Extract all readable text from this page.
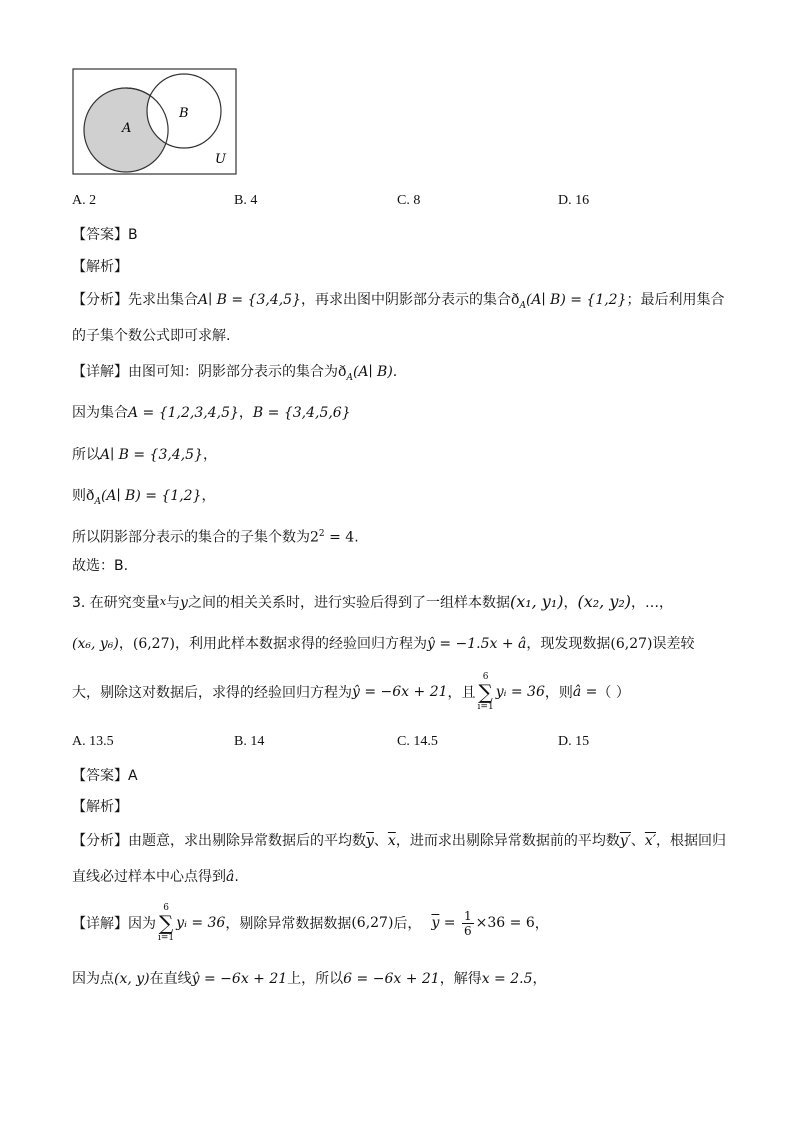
A
B
U
A. 2	B. 4	C. 8	D. 16
【答案】B
【解析】
【分析】先求出集合A∣ B = {3,4,5}，再求出图中阴影部分表示的集合$ð_A(A∣$ B) = {1,2}；最后利用集合
的子集个数公式即可求解.
【详解】由图可知：阴影部分表示的集合为$ð_A(A∣$ B).
因为集合A = {1,2,3,4,5}，B = {3,4,5,6}
所以A∣ B = {3,4,5}，
则$ð_A(A∣$ B) = {1,2}，
所以阴影部分表示的集合的子集个数为$2^2 = 4$.
故选：B.
3. 在研究变量$^x$与y之间的相关关系时，进行实验后得到了一组样本数据(x₁, y₁)，(x₂, y₂)，…，
(x₆, y₆)，(6,27)，利用此样本数据求得的经验回归方程为ŷ = −1.5x + â，现发现数据(6,27)误差较
大，剔除这对数据后，求得的经验回归方程为ŷ = −6x + 21，且
6
∑
i=1
yᵢ = 36，则â =（ ）
A. 13.5	B. 14	C. 14.5	D. 15
【答案】A
【解析】
【分析】由题意，求出剔除异常数据后的平均数$\overline{y}$、$\overline{x}$，进而求出剔除异常数据前的平均数y′、x′，根据回归
直线必过样本中心点得到â.
【详解】因为
6
∑
i=1
yᵢ = 36，剔除异常数据数据(6,27)后， $\overline{y} = \frac{1}{6} \times 36 = 6$，
因为点(x, y)在直线ŷ = −6x + 21上，所以6 = −6x + 21，解得x = 2.5，
